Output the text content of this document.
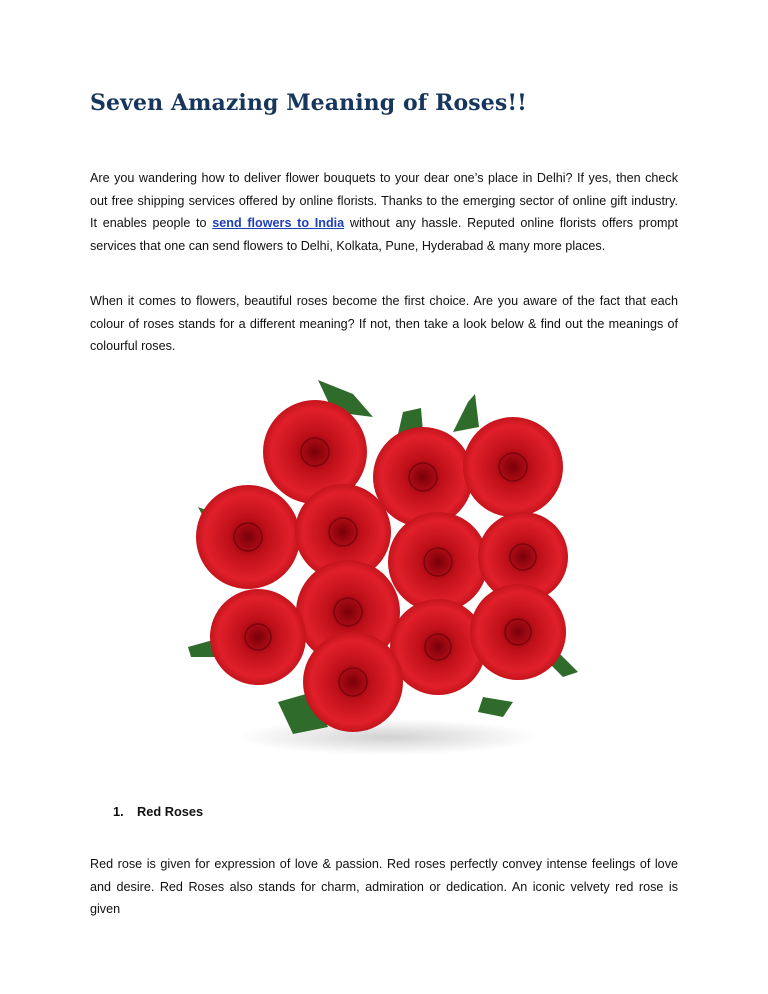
Seven Amazing Meaning of Roses!!

Are you wandering how to deliver flower bouquets to your dear one’s place in Delhi? If yes, then check out free shipping services offered by online florists. Thanks to the emerging sector of online gift industry. It enables people to send flowers to India without any hassle. Reputed online florists offers prompt services that one can send flowers to Delhi, Kolkata, Pune, Hyderabad & many more places.

When it comes to flowers, beautiful roses become the first choice. Are you aware of the fact that each colour of roses stands for a different meaning? If not, then take a look below & find out the meanings of colourful roses.

1. Red Roses

Red rose is given for expression of love & passion. Red roses perfectly convey intense feelings of love and desire. Red Roses also stands for charm, admiration or dedication. An iconic velvety red rose is given
